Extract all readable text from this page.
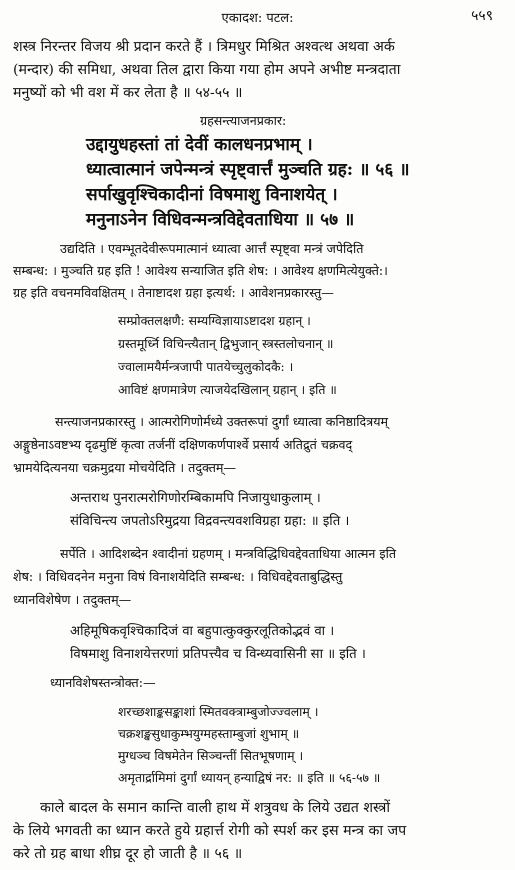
एकादश: पटल:	५५९
शस्त्र निरन्तर विजय श्री प्रदान करते हैं । त्रिमधुर मिश्रित अश्वत्थ अथवा अर्क
(मन्दार) की समिधा, अथवा तिल द्वारा किया गया होम अपने अभीष्ट मन्त्रदाता
मनुष्यों को भी वश में कर लेता है ॥ ५४-५५ ॥
ग्रहसन्त्याजनप्रकार:
उद्दायुधहस्तां तां देवीं कालधनप्रभाम् ।
ध्यात्वात्मानं जपेन्मन्त्रं स्पृष्ट्वार्त्तं मुञ्चति ग्रह: ॥ ५६ ॥
सर्पाखुवृश्चिकादीनां विषमाशु विनाशयेत् ।
मनुनाऽनेन विधिवन्मन्त्रविद्देवताधिया ॥ ५७ ॥
उद्यदिति । एवम्भूतदेवीरूपमात्मानं ध्यात्वा आर्त्तं स्पृष्ट्वा मन्त्रं जपेदिति
सम्बन्ध: । मुञ्चति ग्रह इति ! आवेश्य सन्याजित इति शेष: । आवेश्य क्षणमित्येयुक्ते:।
ग्रह इति वचनमविवक्षितम् । तेनाष्टादश ग्रहा इत्यर्थ: । आवेशनप्रकारस्तु—
सम्प्रोक्तलक्षणै: सम्यग्विज्ञायाऽष्टादश ग्रहान् ।
ग्रस्तमूर्ध्नि विचिन्त्यैतान् द्विभुजान् स्त्रस्तलोचनान् ॥
ज्वालामयैर्मन्त्रजापी पातयेच्चुलुकोदकै: ।
आविष्टं क्षणमात्रेण त्याजयेदखिलान् ग्रहान् । इति ॥
सन्त्याजनप्रकारस्तु । आत्मरोगिणोर्मध्ये उक्तरूपां दुर्गां ध्यात्वा कनिष्ठादित्रयम्
अङ्गुष्ठेनाऽवष्टभ्य दृढमुष्टिं कृत्वा तर्जनीं दक्षिणकर्णपार्श्वे प्रसार्य अतिद्रुतं चक्रवद्
भ्रामयेदित्यनया चक्रमुद्रया मोचयेदिति । तदुक्तम्—
अन्तराथ पुनरात्मरोगिणोरम्बिकामपि निजायुधाकुलाम् ।
संविचिन्त्य जपतोऽरिमुद्रया विद्रवन्त्यवशविग्रहा ग्रहा: ॥ इति ।
सर्पेति । आदिशब्देन श्वादीनां ग्रहणम् । मन्त्रविद्धिधिवद्देवताधिया आत्मन इति
शेष: । विधिवदनेन मनुना विषं विनाशयेदिति सम्बन्ध: । विधिवद्देवताबुद्धिस्तु
ध्यानविशेषेण । तदुक्तम्—
अहिमूषिकवृश्चिकादिजं वा बहुपात्कुक्कुरलूतिकोद्भवं वा ।
विषमाशु विनाशयेत्तरणां प्रतिपत्त्यैव च विन्ध्यवासिनी सा ॥ इति ।
ध्यानविशेषस्तन्त्रोक्त:—
शरच्छशाङ्कसङ्काशां स्मितवक्त्राम्बुजोज्ज्वलाम् ।
चक्रशङ्खसुधाकुम्भयुग्महस्ताम्बुजां शुभाम् ॥
मुग्धञ्च विषमेतेन सिञ्चन्तीं सितभूषणाम् ।
अमृतार्द्रामिमां दुर्गां ध्यायन् हन्याद्विषं नर: ॥ इति ॥ ५६-५७ ॥
काले बादल के समान कान्ति वाली हाथ में शत्रुवध के लिये उद्यत शस्त्रों
के लिये भगवती का ध्यान करते हुये ग्रहार्त्त रोगी को स्पर्श कर इस मन्त्र का जप
करे तो ग्रह बाधा शीघ्र दूर हो जाती है ॥ ५६ ॥
